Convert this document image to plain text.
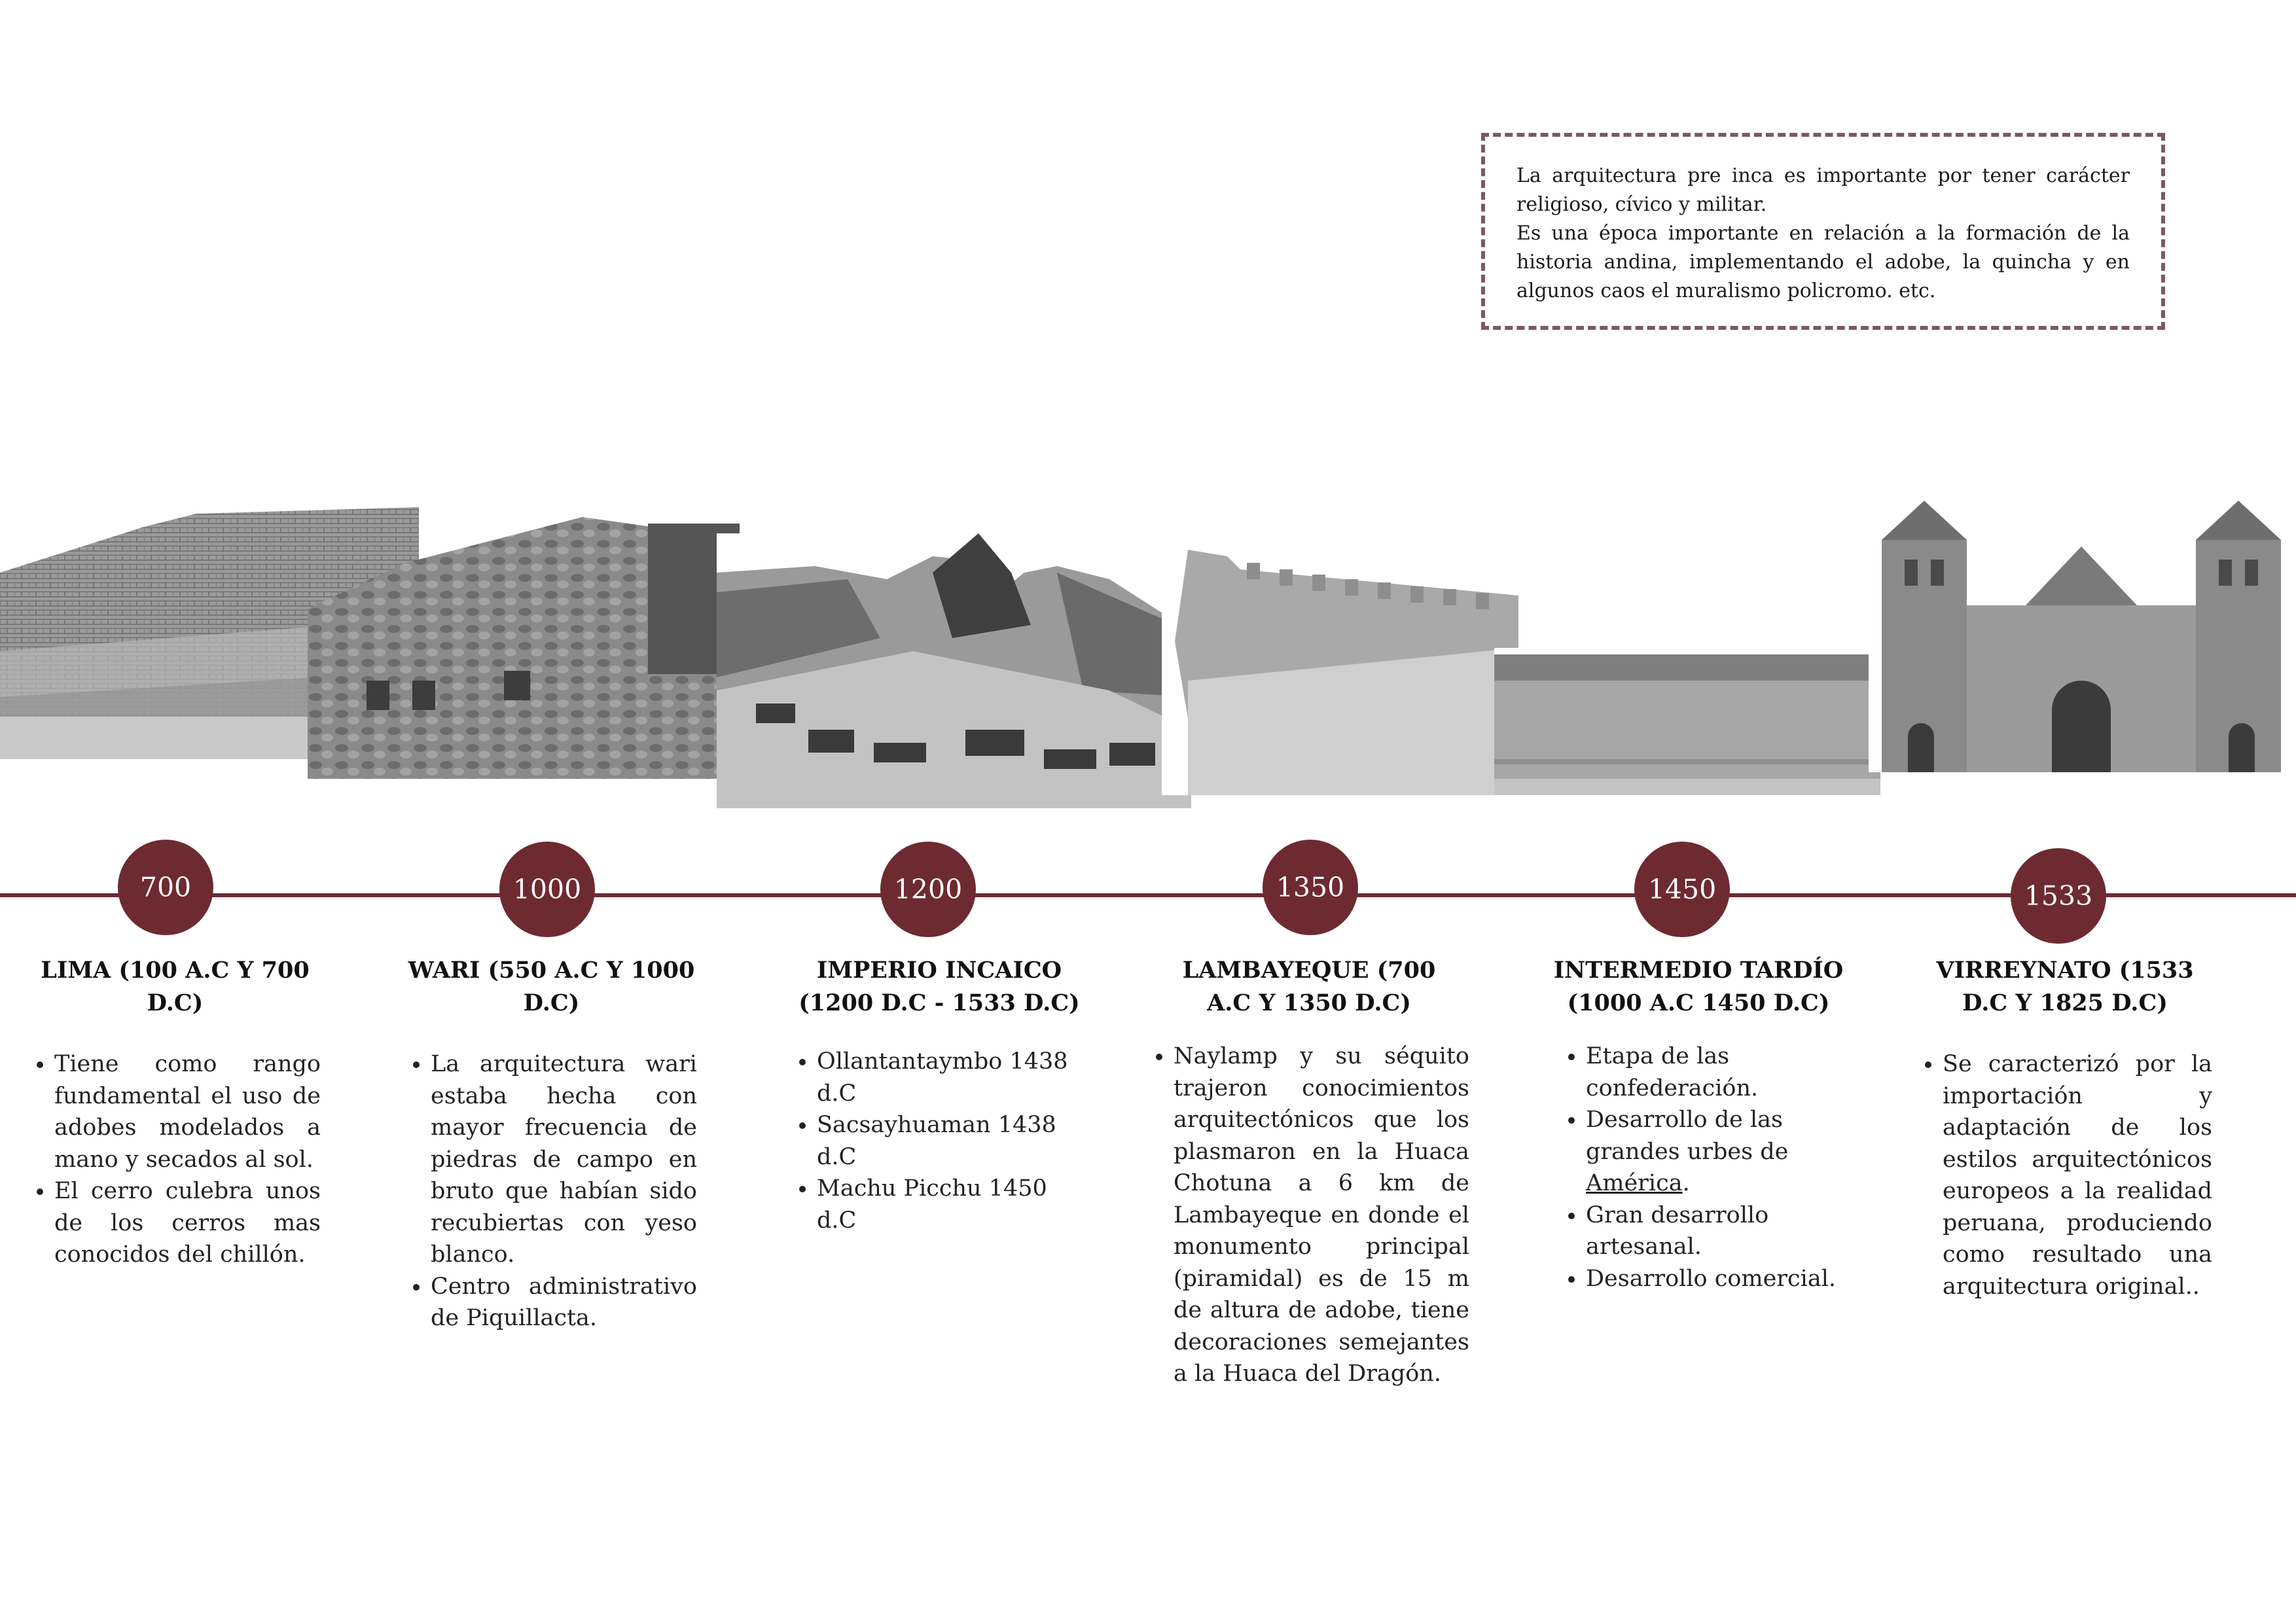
La arquitectura pre inca es importante por tener carácter religioso, cívico y militar.

Es una época importante en relación a la formación de la historia andina, implementando el adobe, la quincha y en algunos caos el muralismo policromo. etc.

700	1000	1200	1350	1450	1533
LIMA (100 A.C Y 700
D.C)
• Tiene como rango fundamental el uso de adobes modelados a mano y secados al sol.
• El cerro culebra unos de los cerros mas conocidos del chillón.
WARI (550 A.C Y 1000
D.C)
• La arquitectura wari estaba hecha con mayor frecuencia de piedras de campo en bruto que habían sido recubiertas con yeso blanco.
• Centro administrativo de Piquillacta.
IMPERIO INCAICO
(1200 D.C - 1533 D.C)
• Ollantantaymbo 1438 d.C
• Sacsayhuaman 1438 d.C
• Machu Picchu 1450 d.C
LAMBAYEQUE (700
A.C Y 1350 D.C)
• Naylamp y su séquito trajeron conocimientos arquitectónicos que los plasmaron en la Huaca Chotuna a 6 km de Lambayeque en donde el monumento principal (piramidal) es de 15 m de altura de adobe, tiene decoraciones semejantes a la Huaca del Dragón.
INTERMEDIO TARDÍO
(1000 A.C 1450 D.C)
• Etapa de las confederación.
• Desarrollo de las grandes urbes de América.
• Gran desarrollo artesanal.
• Desarrollo comercial.
VIRREYNATO (1533
D.C Y 1825 D.C)
• Se caracterizó por la importación y adaptación de los estilos arquitectónicos europeos a la realidad peruana, produciendo como resultado una arquitectura original..
